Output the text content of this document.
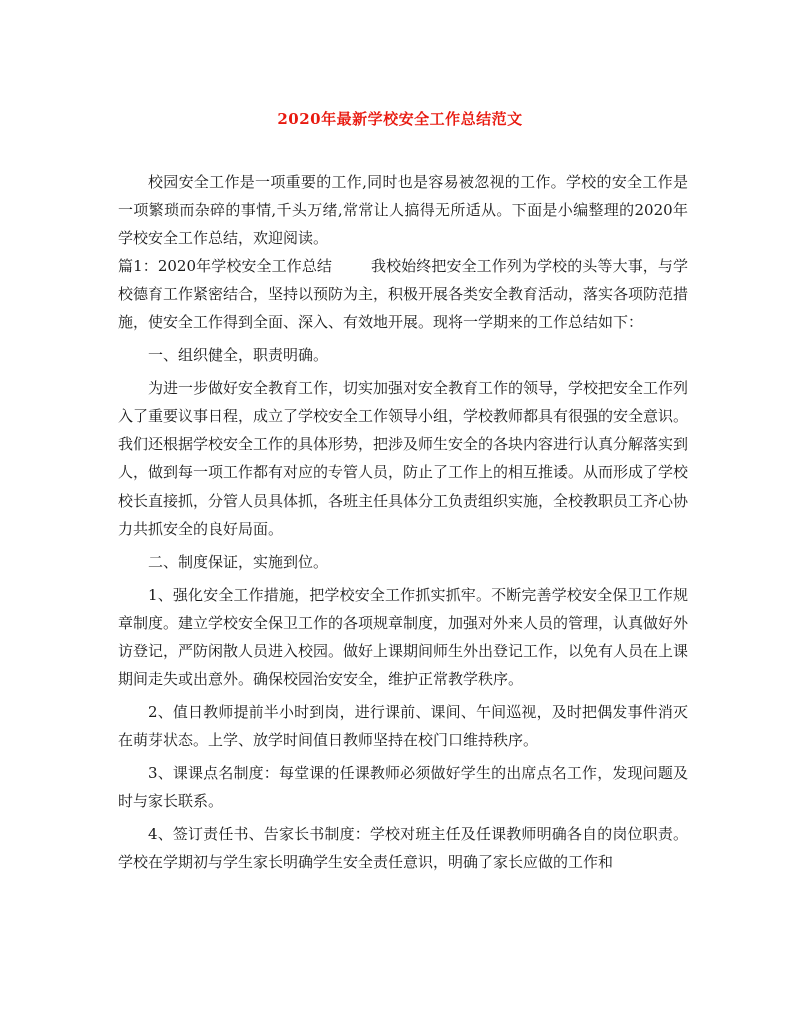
2020年最新学校安全工作总结范文

校园安全工作是一项重要的工作,同时也是容易被忽视的工作。学校的安全工作是一项繁琐而杂碎的事情,千头万绪,常常让人搞得无所适从。下面是小编整理的2020年学校安全工作总结，欢迎阅读。

篇1：2020年学校安全工作总结        我校始终把安全工作列为学校的头等大事，与学校德育工作紧密结合，坚持以预防为主，积极开展各类安全教育活动，落实各项防范措施，使安全工作得到全面、深入、有效地开展。现将一学期来的工作总结如下：

一、组织健全，职责明确。

为进一步做好安全教育工作，切实加强对安全教育工作的领导，学校把安全工作列入了重要议事日程，成立了学校安全工作领导小组，学校教师都具有很强的安全意识。我们还根据学校安全工作的具体形势，把涉及师生安全的各块内容进行认真分解落实到人，做到每一项工作都有对应的专管人员，防止了工作上的相互推诿。从而形成了学校校长直接抓，分管人员具体抓，各班主任具体分工负责组织实施，全校教职员工齐心协力共抓安全的良好局面。

二、制度保证，实施到位。

1、强化安全工作措施，把学校安全工作抓实抓牢。不断完善学校安全保卫工作规章制度。建立学校安全保卫工作的各项规章制度，加强对外来人员的管理，认真做好外访登记，严防闲散人员进入校园。做好上课期间师生外出登记工作，以免有人员在上课期间走失或出意外。确保校园治安安全，维护正常教学秩序。

2、值日教师提前半小时到岗，进行课前、课间、午间巡视，及时把偶发事件消灭在萌芽状态。上学、放学时间值日教师坚持在校门口维持秩序。

3、课课点名制度：每堂课的任课教师必须做好学生的出席点名工作，发现问题及时与家长联系。

4、签订责任书、告家长书制度：学校对班主任及任课教师明确各自的岗位职责。学校在学期初与学生家长明确学生安全责任意识，明确了家长应做的工作和
